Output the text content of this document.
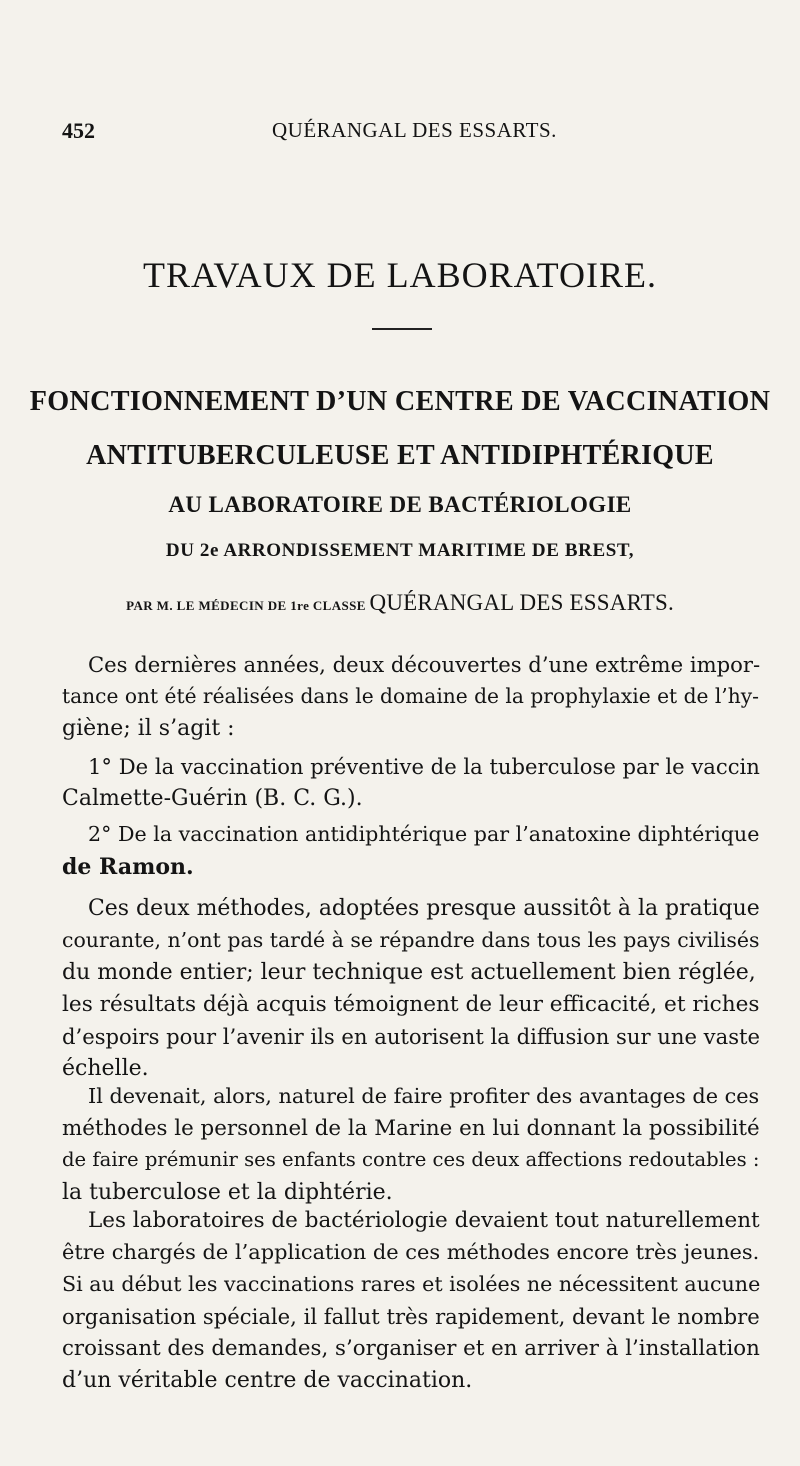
452	QUÉRANGAL DES ESSARTS.
TRAVAUX DE LABORATOIRE.
FONCTIONNEMENT D’UN CENTRE DE VACCINATION
ANTITUBERCULEUSE ET ANTIDIPHTÉRIQUE
AU LABORATOIRE DE BACTÉRIOLOGIE
DU 2e ARRONDISSEMENT MARITIME DE BREST,
PAR M. LE MÉDECIN DE 1re CLASSE QUÉRANGAL DES ESSARTS.
Ces dernières années, deux découvertes d’une extrême impor-
tance ont été réalisées dans le domaine de la prophylaxie et de l’hy-
giène; il s’agit :
1° De la vaccination préventive de la tuberculose par le vaccin
Calmette-Guérin (B. C. G.).
2° De la vaccination antidiphtérique par l’anatoxine diphtérique
de Ramon.
Ces deux méthodes, adoptées presque aussitôt à la pratique
courante, n’ont pas tardé à se répandre dans tous les pays civilisés
du monde entier; leur technique est actuellement bien réglée,
les résultats déjà acquis témoignent de leur efficacité, et riches
d’espoirs pour l’avenir ils en autorisent la diffusion sur une vaste
échelle.
Il devenait, alors, naturel de faire profiter des avantages de ces
méthodes le personnel de la Marine en lui donnant la possibilité
de faire prémunir ses enfants contre ces deux affections redoutables :
la tuberculose et la diphtérie.
Les laboratoires de bactériologie devaient tout naturellement
être chargés de l’application de ces méthodes encore très jeunes.
Si au début les vaccinations rares et isolées ne nécessitent aucune
organisation spéciale, il fallut très rapidement, devant le nombre
croissant des demandes, s’organiser et en arriver à l’installation
d’un véritable centre de vaccination.
